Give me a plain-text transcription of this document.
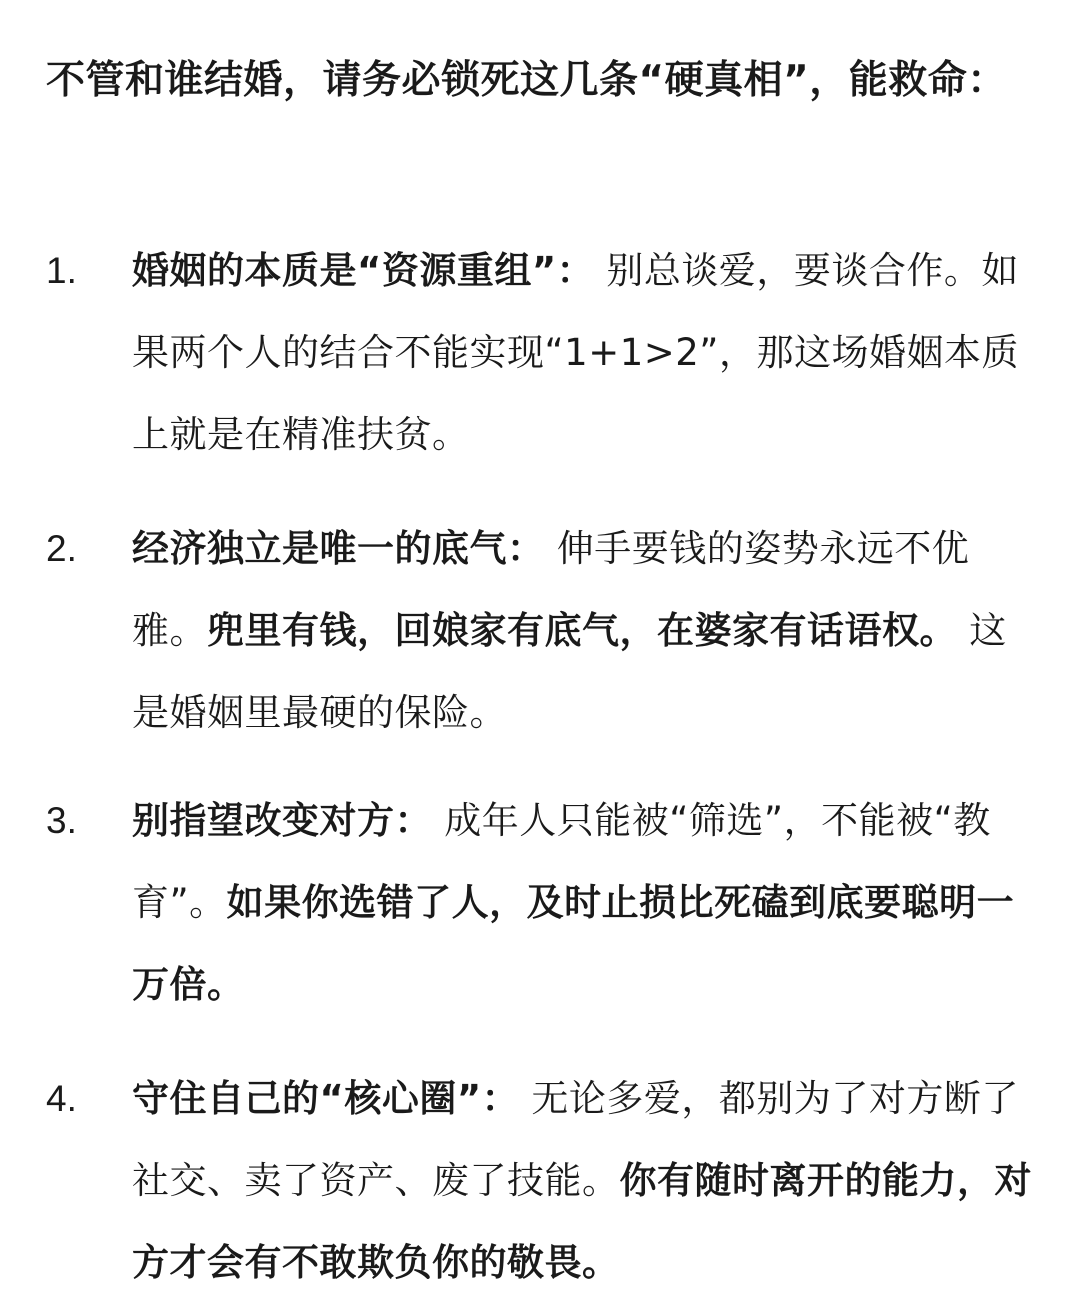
不管和谁结婚，请务必锁死这几条“硬真相”，能救命：
1. 婚姻的本质是“资源重组”： 别总谈爱，要谈合作。如果两个人的结合不能实现“1+1>2”，那这场婚姻本质上就是在精准扶贫。
2. 经济独立是唯一的底气： 伸手要钱的姿势永远不优雅。兜里有钱，回娘家有底气，在婆家有话语权。 这是婚姻里最硬的保险。
3. 别指望改变对方： 成年人只能被“筛选”，不能被“教育”。如果你选错了人，及时止损比死磕到底要聪明一万倍。
4. 守住自己的“核心圈”： 无论多爱，都别为了对方断了社交、卖了资产、废了技能。你有随时离开的能力，对方才会有不敢欺负你的敬畏。
